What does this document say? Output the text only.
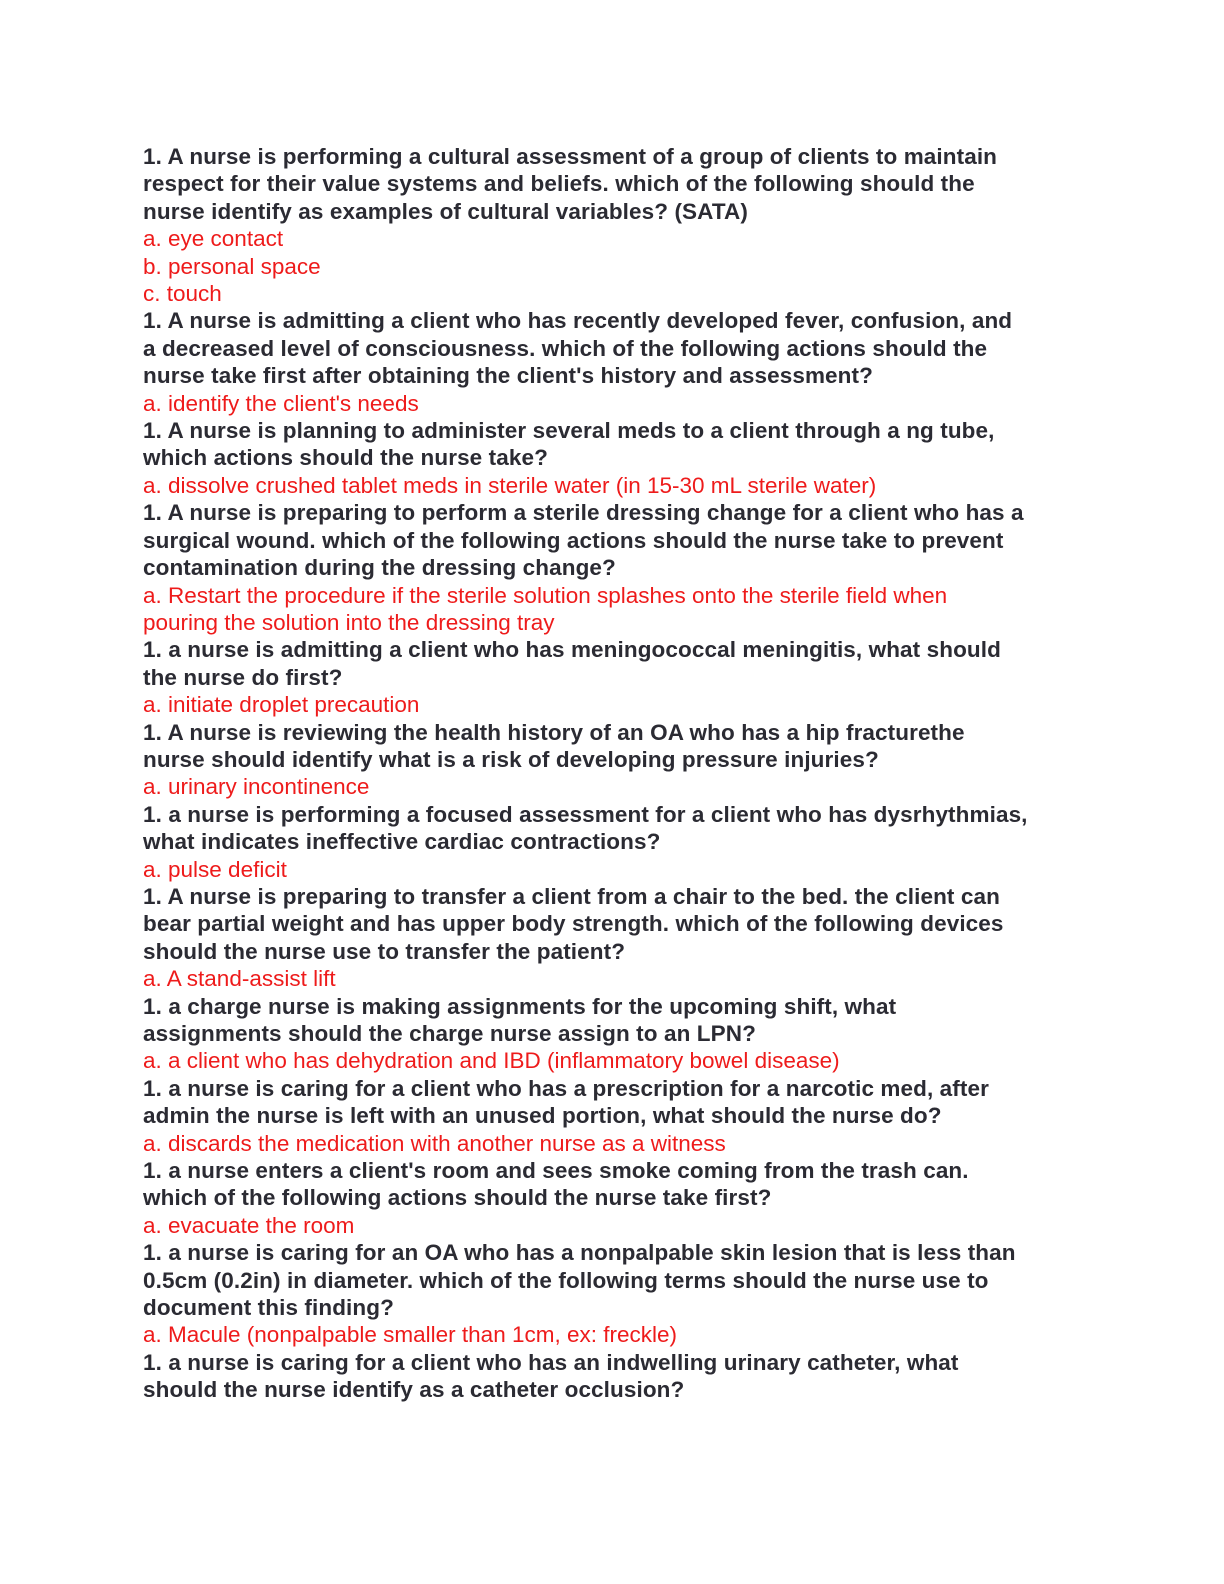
1. A nurse is performing a cultural assessment of a group of clients to maintain
respect for their value systems and beliefs. which of the following should the
nurse identify as examples of cultural variables? (SATA)
a. eye contact
b. personal space
c. touch
1. A nurse is admitting a client who has recently developed fever, confusion, and
a decreased level of consciousness. which of the following actions should the
nurse take first after obtaining the client's history and assessment?
a. identify the client's needs
1. A nurse is planning to administer several meds to a client through a ng tube,
which actions should the nurse take?
a. dissolve crushed tablet meds in sterile water (in 15-30 mL sterile water)
1. A nurse is preparing to perform a sterile dressing change for a client who has a
surgical wound. which of the following actions should the nurse take to prevent
contamination during the dressing change?
a. Restart the procedure if the sterile solution splashes onto the sterile field when
pouring the solution into the dressing tray
1. a nurse is admitting a client who has meningococcal meningitis, what should
the nurse do first?
a. initiate droplet precaution
1. A nurse is reviewing the health history of an OA who has a hip fracturethe
nurse should identify what is a risk of developing pressure injuries?
a. urinary incontinence
1. a nurse is performing a focused assessment for a client who has dysrhythmias,
what indicates ineffective cardiac contractions?
a. pulse deficit
1. A nurse is preparing to transfer a client from a chair to the bed. the client can
bear partial weight and has upper body strength. which of the following devices
should the nurse use to transfer the patient?
a. A stand-assist lift
1. a charge nurse is making assignments for the upcoming shift, what
assignments should the charge nurse assign to an LPN?
a. a client who has dehydration and IBD (inflammatory bowel disease)
1. a nurse is caring for a client who has a prescription for a narcotic med, after
admin the nurse is left with an unused portion, what should the nurse do?
a. discards the medication with another nurse as a witness
1. a nurse enters a client's room and sees smoke coming from the trash can.
which of the following actions should the nurse take first?
a. evacuate the room
1. a nurse is caring for an OA who has a nonpalpable skin lesion that is less than
0.5cm (0.2in) in diameter. which of the following terms should the nurse use to
document this finding?
a. Macule (nonpalpable smaller than 1cm, ex: freckle)
1. a nurse is caring for a client who has an indwelling urinary catheter, what
should the nurse identify as a catheter occlusion?
